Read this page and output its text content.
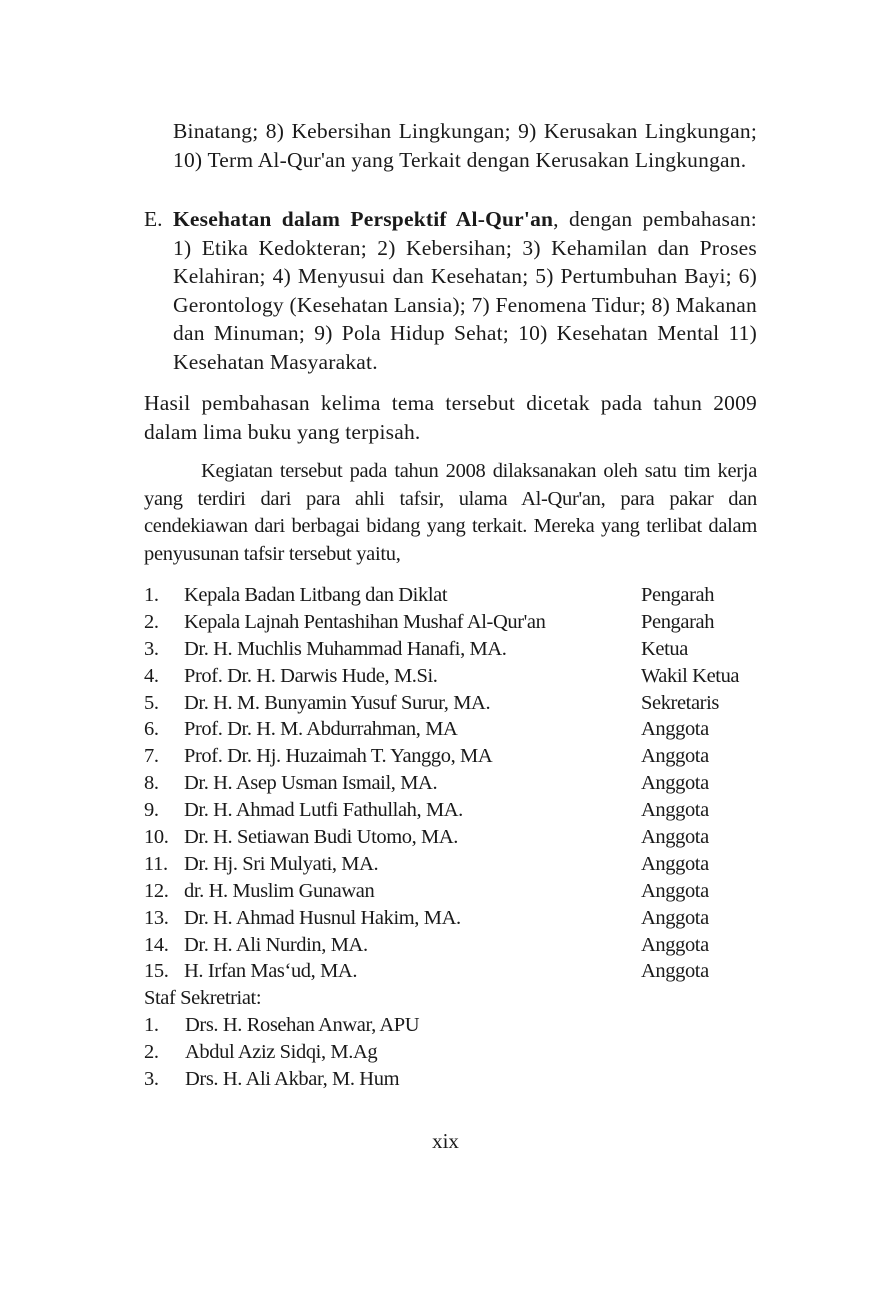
Binatang; 8) Kebersihan Lingkungan; 9) Kerusakan Lingkungan; 10) Term Al-Qur'an yang Terkait dengan Kerusakan Lingkungan.

E. Kesehatan dalam Perspektif Al-Qur'an, dengan pembahasan: 1) Etika Kedokteran; 2) Kebersihan; 3) Kehamilan dan Proses Kelahiran; 4) Menyusui dan Kesehatan; 5) Pertumbuhan Bayi; 6) Gerontology (Kesehatan Lansia); 7) Fenomena Tidur; 8) Makanan dan Minuman; 9) Pola Hidup Sehat; 10) Kesehatan Mental 11) Kesehatan Masyarakat.

Hasil pembahasan kelima tema tersebut dicetak pada tahun 2009 dalam lima buku yang terpisah.

Kegiatan tersebut pada tahun 2008 dilaksanakan oleh satu tim kerja yang terdiri dari para ahli tafsir, ulama Al-Qur'an, para pakar dan cendekiawan dari berbagai bidang yang terkait. Mereka yang terlibat dalam penyusunan tafsir tersebut yaitu,

1. Kepala Badan Litbang dan Diklat	Pengarah
2. Kepala Lajnah Pentashihan Mushaf Al-Qur'an	Pengarah
3. Dr. H. Muchlis Muhammad Hanafi, MA.	Ketua
4. Prof. Dr. H. Darwis Hude, M.Si.	Wakil Ketua
5. Dr. H. M. Bunyamin Yusuf Surur, MA.	Sekretaris
6. Prof. Dr. H. M. Abdurrahman, MA	Anggota
7. Prof. Dr. Hj. Huzaimah T. Yanggo, MA	Anggota
8. Dr. H. Asep Usman Ismail, MA.	Anggota
9. Dr. H. Ahmad Lutfi Fathullah, MA.	Anggota
10. Dr. H. Setiawan Budi Utomo, MA.	Anggota
11. Dr. Hj. Sri Mulyati, MA.	Anggota
12. dr. H. Muslim Gunawan	Anggota
13. Dr. H. Ahmad Husnul Hakim, MA.	Anggota
14. Dr. H. Ali Nurdin, MA.	Anggota
15. H. Irfan Mas‘ud, MA.	Anggota
Staf Sekretriat:
1. Drs. H. Rosehan Anwar, APU
2. Abdul Aziz Sidqi, M.Ag
3. Drs. H. Ali Akbar, M. Hum
xix
